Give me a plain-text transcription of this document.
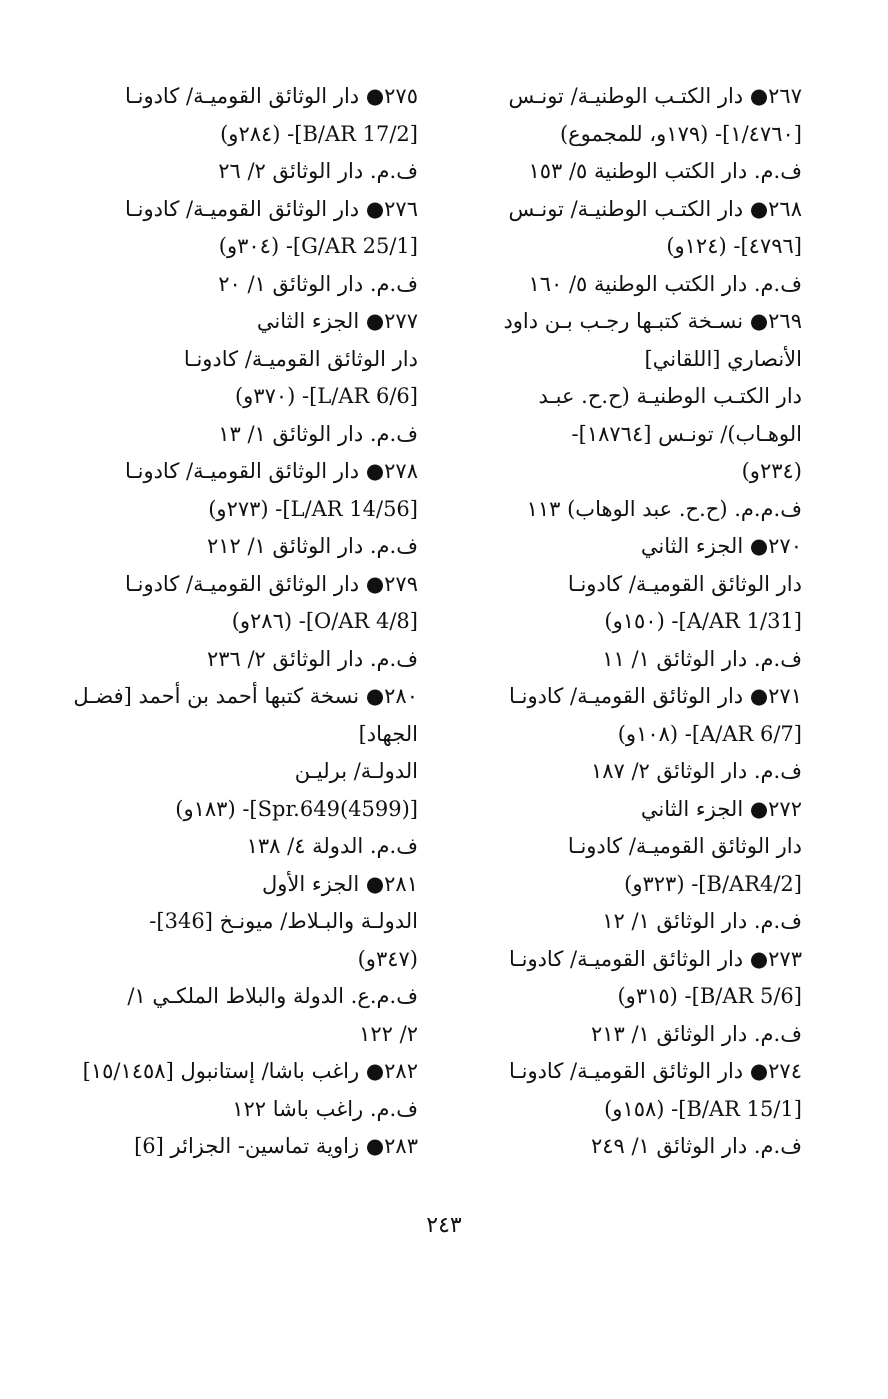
٢٦٧● دار الكتـب الوطنيـة/ تونـس
[١/٤٧٦٠]- (١٧٩و، للمجموع)
ف.م. دار الكتب الوطنية ٥/ ١٥٣
٢٦٨● دار الكتـب الوطنيـة/ تونـس
[٤٧٩٦]- (١٢٤و)
ف.م. دار الكتب الوطنية ٥/ ١٦٠
٢٦٩● نسـخة كتبـها رجـب بـن داود
الأنصاري [اللقاني]
دار الكتـب الوطنيـة (ح.ح. عبـد
الوهـاب)/ تونـس [١٨٧٦٤]-
(٢٣٤و)
ف.م.م. (ح.ح. عبد الوهاب) ١١٣
٢٧٠● الجزء الثاني
دار الوثائق القوميـة/ كادونـا
[A/AR 1/31]- (١٥٠و)
ف.م. دار الوثائق ١/ ١١
٢٧١● دار الوثائق القوميـة/ كادونـا
[A/AR 6/7]- (١٠٨و)
ف.م. دار الوثائق ٢/ ١٨٧
٢٧٢● الجزء الثاني
دار الوثائق القوميـة/ كادونـا
[B/AR4/2]- (٣٢٣و)
ف.م. دار الوثائق ١/ ١٢
٢٧٣● دار الوثائق القوميـة/ كادونـا
[B/AR 5/6]- (٣١٥و)
ف.م. دار الوثائق ١/ ٢١٣
٢٧٤● دار الوثائق القوميـة/ كادونـا
[B/AR 15/1]- (١٥٨و)
ف.م. دار الوثائق ١/ ٢٤٩
٢٧٥● دار الوثائق القوميـة/ كادونـا
[B/AR 17/2]- (٢٨٤و)
ف.م. دار الوثائق ٢/ ٢٦
٢٧٦● دار الوثائق القوميـة/ كادونـا
[G/AR 25/1]- (٣٠٤و)
ف.م. دار الوثائق ١/ ٢٠
٢٧٧● الجزء الثاني
دار الوثائق القوميـة/ كادونـا
[L/AR 6/6]- (٣٧٠و)
ف.م. دار الوثائق ١/ ١٣
٢٧٨● دار الوثائق القوميـة/ كادونـا
[L/AR 14/56]- (٢٧٣و)
ف.م. دار الوثائق ١/ ٢١٢
٢٧٩● دار الوثائق القوميـة/ كادونـا
[O/AR 4/8]- (٢٨٦و)
ف.م. دار الوثائق ٢/ ٢٣٦
٢٨٠● نسخة كتبها أحمد بن أحمد [فضـل
الجهاد]
الدولـة/ برليـن
[(4599)Spr.649]- (١٨٣و)
ف.م. الدولة ٤/ ١٣٨
٢٨١● الجزء الأول
الدولـة والبـلاط/ ميونـخ [346]-
(٣٤٧و)
ف.م.ع. الدولة والبلاط الملكـي ١/
٢/ ١٢٢
٢٨٢● راغب باشا/ إستانبول [١٥/١٤٥٨]
ف.م. راغب باشا ١٢٢
٢٨٣● زاوية تماسين- الجزائر [6]
٢٤٣
